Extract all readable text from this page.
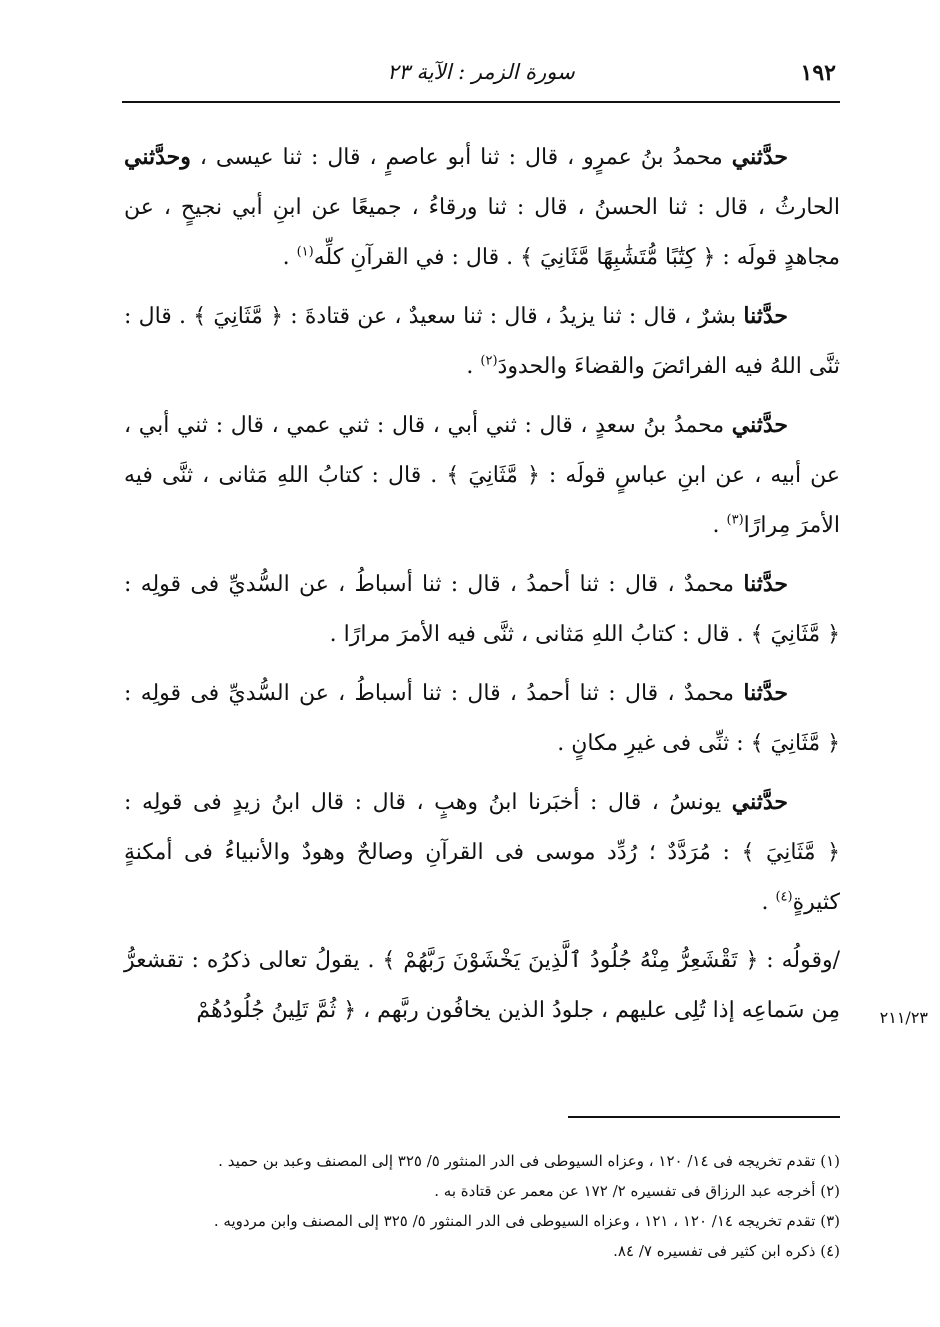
١٩٢
سورة الزمر : الآية ٢٣

حدَّثني محمدُ بنُ عمرٍو ، قال : ثنا أبو عاصمٍ ، قال : ثنا عيسى ، وحدَّثني الحارثُ ، قال : ثنا الحسنُ ، قال : ثنا ورقاءُ ، جميعًا عن ابنِ أبي نجيحٍ ، عن مجاهدٍ قولَه : ﴿ كِتَٰبًا مُّتَشَٰبِهًا مَّثَانِيَ ﴾ . قال : في القرآنِ كلِّه$^{(١)}$ .

حدَّثنا بشرٌ ، قال : ثنا يزيدُ ، قال : ثنا سعيدٌ ، عن قتادةَ : ﴿ مَّثَانِيَ ﴾ . قال : ثنَّى اللهُ فيه الفرائضَ والقضاءَ والحدودَ$^{(٢)}$ .

حدَّثني محمدُ بنُ سعدٍ ، قال : ثني أبي ، قال : ثني عمي ، قال : ثني أبي ، عن أبيه ، عن ابنِ عباسٍ قولَه : ﴿ مَّثَانِيَ ﴾ . قال : كتابُ اللهِ مَثانى ، ثنَّى فيه الأمرَ مِرارًا$^{(٣)}$ .

حدَّثنا محمدٌ ، قال : ثنا أحمدُ ، قال : ثنا أسباطُ ، عن السُّديِّ فى قولِه : ﴿ مَّثَانِيَ ﴾ . قال : كتابُ اللهِ مَثانى ، ثنَّى فيه الأمرَ مرارًا .

حدَّثنا محمدٌ ، قال : ثنا أحمدُ ، قال : ثنا أسباطُ ، عن السُّديِّ فى قولِه : ﴿ مَّثَانِيَ ﴾ : ثنِّى فى غيرِ مكانٍ .

حدَّثني يونسُ ، قال : أخبَرنا ابنُ وهبٍ ، قال : قال ابنُ زيدٍ فى قولِه : ﴿ مَّثَانِيَ ﴾ : مُرَدَّدٌ ؛ رُدِّد موسى فى القرآنِ وصالحٌ وهودٌ والأنبياءُ فى أمكنةٍ كثيرةٍ$^{(٤)}$ .

/وقولُه : ﴿ تَقْشَعِرُّ مِنْهُ جُلُودُ ٱلَّذِينَ يَخْشَوْنَ رَبَّهُمْ ﴾ . يقولُ تعالى ذكرُه : تقشعرُّ مِن سَماعِه إذا تُلِى عليهم ، جلودُ الذين يخافُون ربَّهم ، ﴿ ثُمَّ تَلِينُ جُلُودُهُمْ	٢١١/٢٣
(١) تقدم تخريجه فى ١٤/ ١٢٠ ، وعزاه السيوطى فى الدر المنثور ٥/ ٣٢٥ إلى المصنف وعبد بن حميد .
(٢) أخرجه عبد الرزاق فى تفسيره ٢/ ١٧٢ عن معمر عن قتادة به .
(٣) تقدم تخريجه ١٤/ ١٢٠ ، ١٢١ ، وعزاه السيوطى فى الدر المنثور ٥/ ٣٢٥ إلى المصنف وابن مردويه .
(٤) ذكره ابن كثير فى تفسيره ٧/ ٨٤.
